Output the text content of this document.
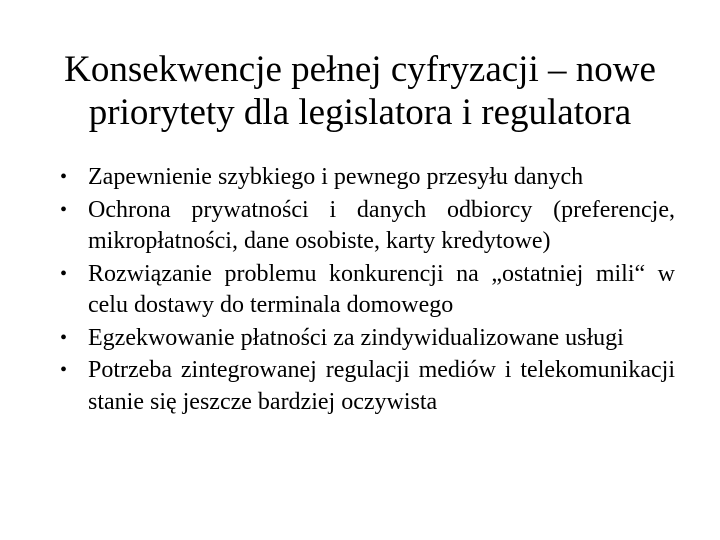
Konsekwencje pełnej cyfryzacji – nowe
priorytety dla legislatora i regulatora
• Zapewnienie szybkiego i pewnego przesyłu danych
• Ochrona prywatności i danych odbiorcy (preferencje, mikropłatności, dane osobiste, karty kredytowe)
• Rozwiązanie problemu konkurencji na „ostatniej mili“ w celu dostawy do terminala domowego
• Egzekwowanie płatności za zindywidualizowane usługi
• Potrzeba zintegrowanej regulacji mediów i telekomunikacji stanie się jeszcze bardziej oczywista
